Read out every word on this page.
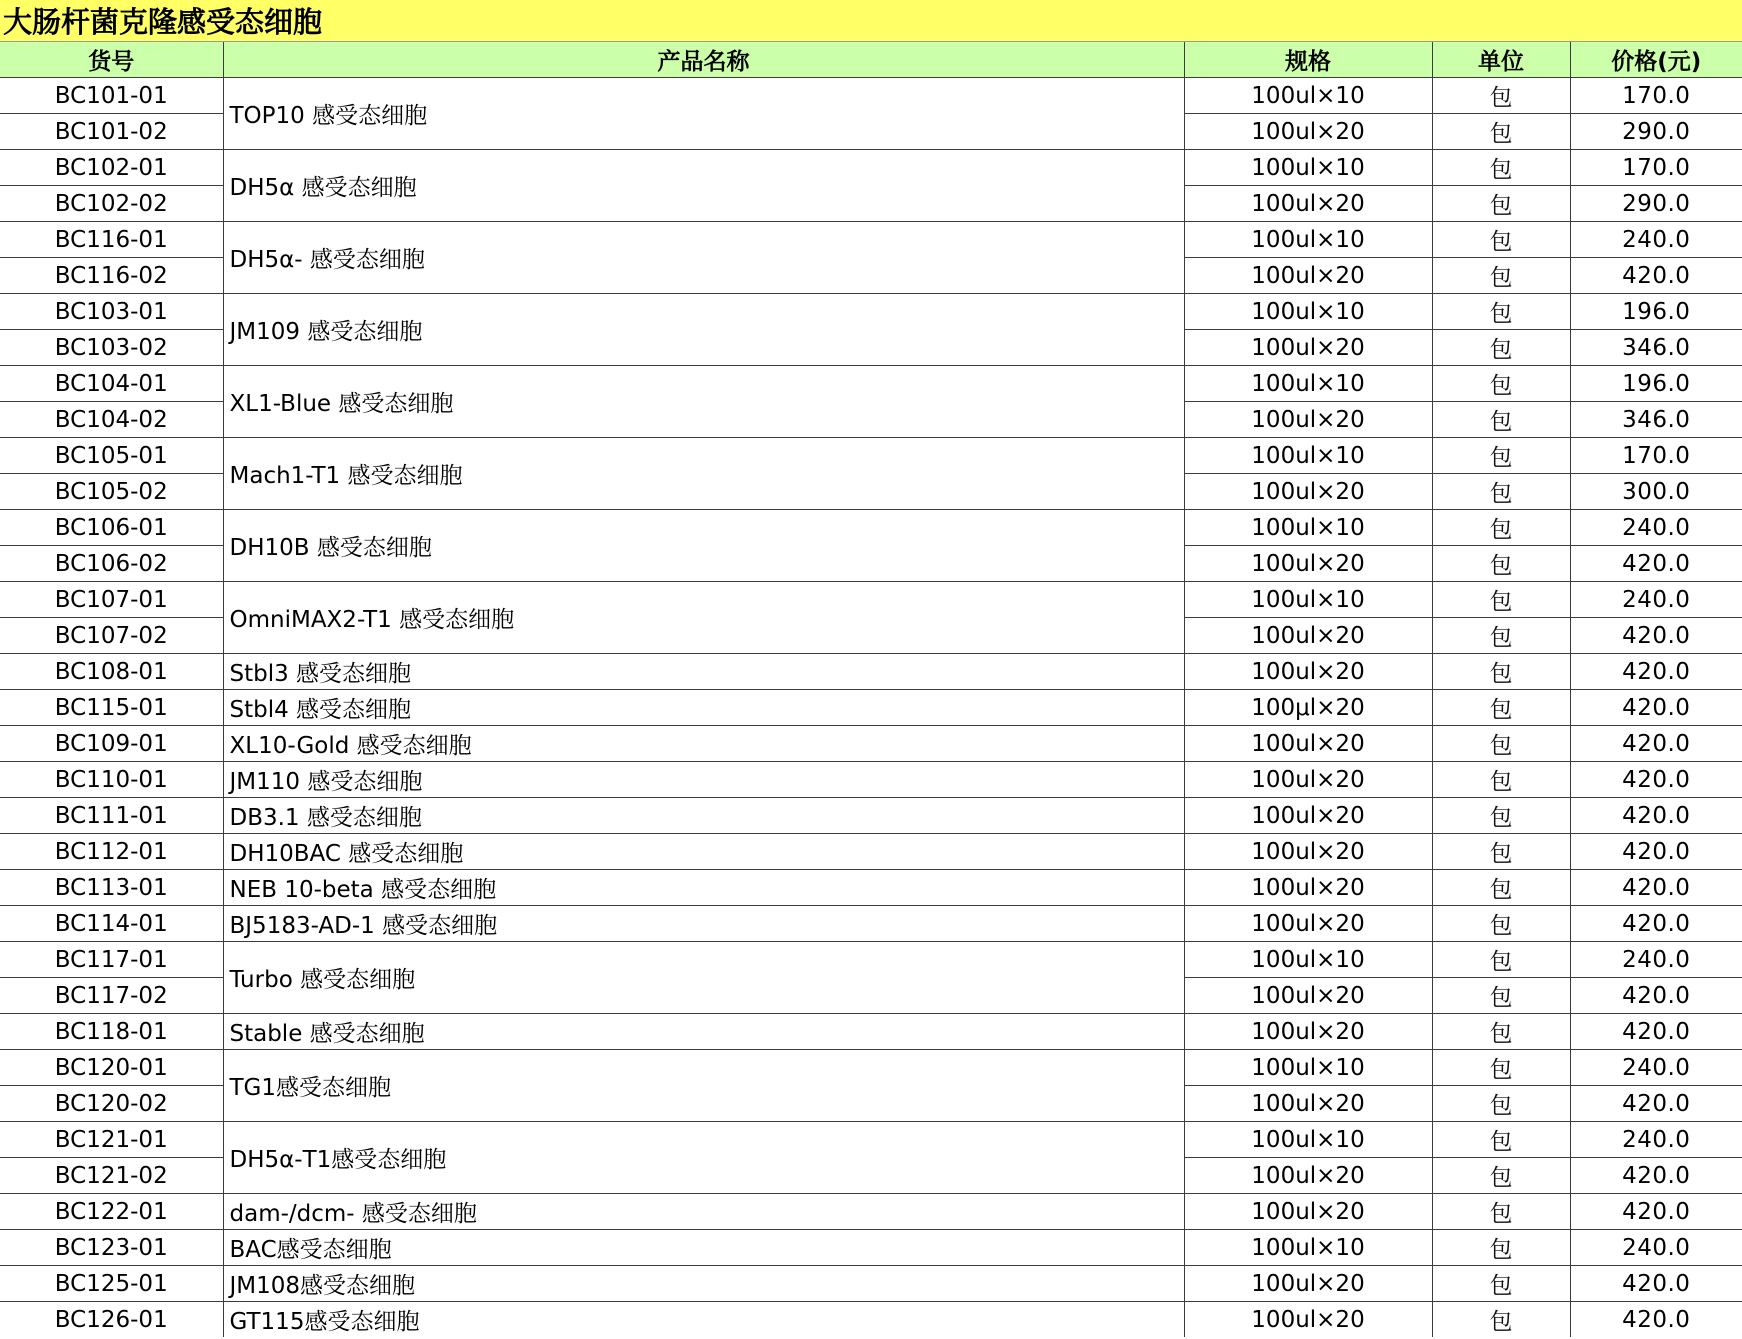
大肠杆菌克隆感受态细胞
货号	产品名称	规格	单位	价格(元)
BC101-01	TOP10 感受态细胞	100ul×10	包	170.0
BC101-02		100ul×20	包	290.0
BC102-01	DH5α 感受态细胞	100ul×10	包	170.0
BC102-02		100ul×20	包	290.0
BC116-01	DH5α- 感受态细胞	100ul×10	包	240.0
BC116-02		100ul×20	包	420.0
BC103-01	JM109 感受态细胞	100ul×10	包	196.0
BC103-02		100ul×20	包	346.0
BC104-01	XL1-Blue 感受态细胞	100ul×10	包	196.0
BC104-02		100ul×20	包	346.0
BC105-01	Mach1-T1 感受态细胞	100ul×10	包	170.0
BC105-02		100ul×20	包	300.0
BC106-01	DH10B 感受态细胞	100ul×10	包	240.0
BC106-02		100ul×20	包	420.0
BC107-01	OmniMAX2-T1 感受态细胞	100ul×10	包	240.0
BC107-02		100ul×20	包	420.0
BC108-01	Stbl3 感受态细胞	100ul×20	包	420.0
BC115-01	Stbl4 感受态细胞	100μl×20	包	420.0
BC109-01	XL10-Gold 感受态细胞	100ul×20	包	420.0
BC110-01	JM110 感受态细胞	100ul×20	包	420.0
BC111-01	DB3.1 感受态细胞	100ul×20	包	420.0
BC112-01	DH10BAC 感受态细胞	100ul×20	包	420.0
BC113-01	NEB 10-beta 感受态细胞	100ul×20	包	420.0
BC114-01	BJ5183-AD-1 感受态细胞	100ul×20	包	420.0
BC117-01	Turbo 感受态细胞	100ul×10	包	240.0
BC117-02		100ul×20	包	420.0
BC118-01	Stable 感受态细胞	100ul×20	包	420.0
BC120-01	TG1感受态细胞	100ul×10	包	240.0
BC120-02		100ul×20	包	420.0
BC121-01	DH5α-T1感受态细胞	100ul×10	包	240.0
BC121-02		100ul×20	包	420.0
BC122-01	dam-/dcm- 感受态细胞	100ul×20	包	420.0
BC123-01	BAC感受态细胞	100ul×10	包	240.0
BC125-01	JM108感受态细胞	100ul×20	包	420.0
BC126-01	GT115感受态细胞	100ul×20	包	420.0
